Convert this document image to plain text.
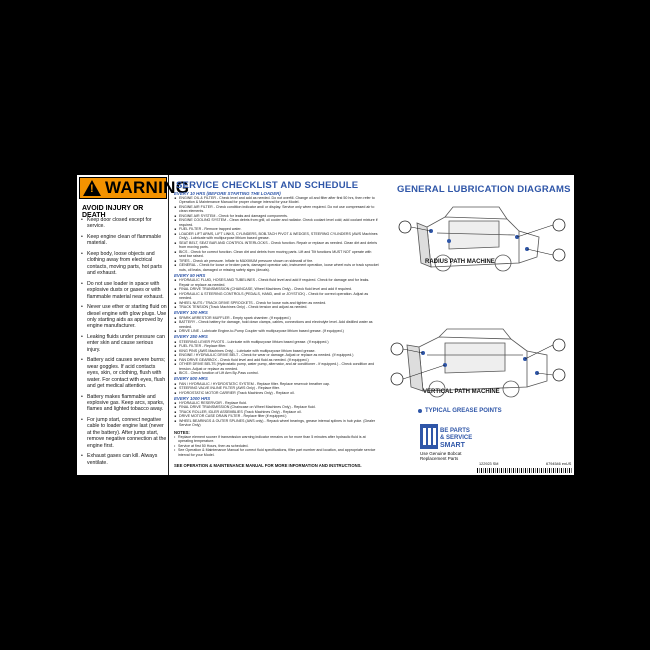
!
WARNING
AVOID INJURY OR DEATH
• Keep door closed except for service.
• Keep engine clean of flammable material.
• Keep body, loose objects and clothing away from electrical contacts, moving parts, hot parts and exhaust.
• Do not use loader in space with explosive dusts or gases or with flammable material near exhaust.
• Never use ether or starting fluid on diesel engine with glow plugs. Use only starting aids as approved by engine manufacturer.
• Leaking fluids under pressure can enter skin and cause serious injury.
• Battery acid causes severe burns; wear goggles. If acid contacts eyes, skin, or clothing, flush with water. For contact with eyes, flush and get medical attention.
• Battery makes flammable and explosive gas. Keep arcs, sparks, flames and lighted tobacco away.
• For jump start, connect negative cable to loader engine last (never at the battery). After jump start, remove negative connection at the engine first.
• Exhaust gases can kill. Always ventilate.
SERVICE CHECKLIST AND SCHEDULE
EVERY 10 HRS (BEFORE STARTING THE LOADER)
■ ENGINE OIL & FILTER - Check level and add as needed. Do not overfill. Change oil and filter after first 50 hrs, then refer to Operation & Maintenance Manual for proper change interval for your Model.
■ ENGINE AIR FILTER - Check condition indicator and/ or display. Service only when required. Do not use compressed air to clean elements.
■ ENGINE AIR SYSTEM - Check for leaks and damaged components.
■ ENGINE COOLING SYSTEM - Clean debris from grill, oil cooler and radiator. Check coolant level cold; add coolant mixture if required.
■ FUEL FILTER - Remove trapped water.
■ LOADER LIFT ARMS, LIFT LINKS, CYLINDERS, BOB-TACH PIVOT & WEDGES, STEERING CYLINDERS (AWS Machines Only) - Lubricate with multipurpose lithium based grease.
■ SEAT BELT, SEAT BAR AND CONTROL INTERLOCKS - Check function. Repair or replace as needed. Clean dirt and debris from moving parts.
■ BICS - Check for correct function. Clean dirt and debris from moving parts. Lift and Tilt functions MUST NOT operate with seat bar raised.
■ TIRES - Check air pressure. Inflate to MAXIMUM pressure shown on sidewall of tire.
■ GENERAL - Check for loose or broken parts, damaged operator cab, instrument operation, loose wheel nuts or track sprocket nuts, oil leaks, damaged or missing safety signs (decals).
EVERY 50 HRS
■ HYDRAULIC FLUID, HOSES AND TUBELINES - Check fluid level and add if required. Check for damage and for leaks. Repair or replace as needed.
■ FINAL DRIVE TRANSMISSION (CHAINCASE, Wheel Machines Only) - Check fluid level and add if required.
■ HYDRAULIC & STEERING CONTROLS (PEDALS, HAND, and/ or JOYSTICK) - Check for correct operation. Adjust as needed.
■ WHEEL NUTS / TRACK DRIVE SPROCKETS - Check for loose nuts and tighten as needed.
■ TRACK TENSION (Track Machines Only) - Check tension and adjust as needed.
EVERY 100 HRS
■ SPARK ARRESTOR MUFFLER - Empty spark chamber. (If equipped.)
■ BATTERY - Check battery for damage, hold down clamps, cables, connections and electrolyte level. Add distilled water as needed.
■ DRIVE LINE - Lubricate Engine-to-Pump Coupler with multipurpose lithium based grease. (If equipped.)
EVERY 250 HRS
■ STEERING LEVER PIVOTS - Lubricate with multipurpose lithium based grease. (If equipped.)
■ FUEL FILTER - Replace filter.
■ KING PINS (AWS Machines Only) - Lubricate with multipurpose lithium based grease.
■ ENGINE / HYDRAULIC DRIVE BELT - Check for wear or damage. Adjust or replace as needed. (If equipped.)
■ FAN DRIVE GEARBOX - Check fluid level and add fluid as needed. (If equipped.)
■ OTHER DRIVE BELTS (Hydrostatic pump, water pump, alternator, and air conditioner - If equipped.) - Check condition and tension. Adjust or replace as needed.
■ BICS - Check function of Lift Arm By-Pass control.
EVERY 500 HRS
■ FAN / HYDRAULIC / HYDROSTATIC SYSTEM - Replace filter. Replace reservoir breather cap.
■ STEERING VALVE INLINE FILTER (AWS Only) - Replace filter.
■ HYDROSTATIC MOTOR CARRIER (Track Machines Only) - Replace oil.
EVERY 1000 HRS
■ HYDRAULIC RESERVOIR - Replace fluid.
■ FINAL DRIVE TRANSMISSION (Chaincase on Wheel Machines Only) - Replace fluid.
■ TRACK ROLLER, IDLER ASSEMBLIES (Track Machines Only) - Replace oil.
■ DRIVE MOTOR CASE DRAIN FILTER - Replace filter (if equipped.)
■ WHEEL BEARINGS & OUTER SPLINES (AWS only) - Repack wheel bearings, grease internal splines in hub yoke. (Dealer Service Only)
NOTES:
• Replace element sooner if transmission warning indicator remains on for more than 5 minutes after hydraulic fluid is at operating temperature.
• Service at first 50 Hours, then as scheduled.
• See Operation & Maintenance Manual for correct fluid specifications, filter part number and location, and appropriate service interval for your Model.
SEE OPERATION & MAINTENANCE MANUAL FOR MORE INFORMATION AND INSTRUCTIONS.
GENERAL LUBRICATION DIAGRAMS
RADIUS PATH MACHINE
VERTICAL PATH MACHINE
TYPICAL GREASE POINTS
BE PARTS
& SERVICE
SMART
Use Genuine Bobcat
Replacement Parts
122923 SM	6794546 enUS
